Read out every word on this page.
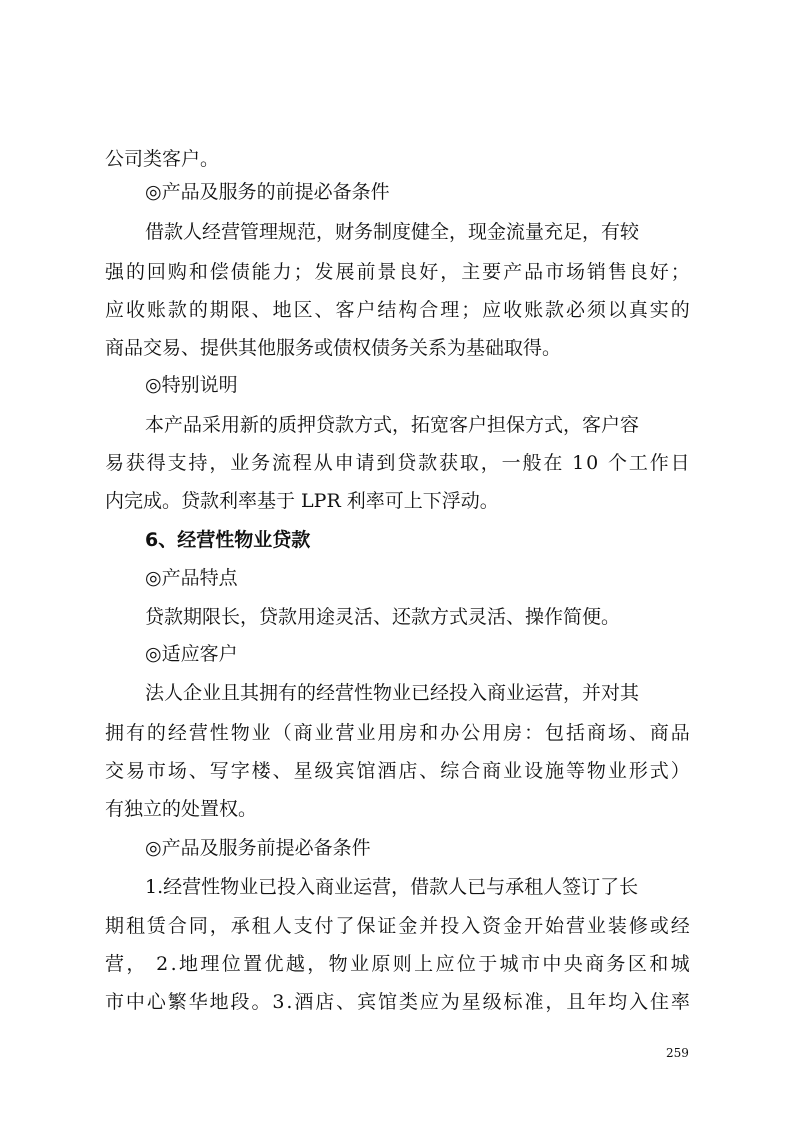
公司类客户。
◎产品及服务的前提必备条件
借款人经营管理规范，财务制度健全，现金流量充足，有较
强 的 回 购 和 偿 债 能 力 ； 发 展 前 景 良 好 ， 主 要 产 品 市 场 销 售 良 好 ；
应 收 账 款 的 期 限 、 地 区 、 客 户 结 构 合 理 ； 应 收 账 款 必 须 以 真 实 的
商品交易、提供其他服务或债权债务关系为基础取得。
◎特别说明
本产品采用新的质押贷款方式，拓宽客户担保方式，客户容
易 获 得 支 持 ， 业 务 流 程 从 申 请 到 贷 款 获 取 ， 一 般 在
1 0
个 工 作 日
内完成。贷款利率基于 LPR 利率可上下浮动。
6、经营性物业贷款
◎产品特点
贷款期限长，贷款用途灵活、还款方式灵活、操作简便。
◎适应客户
法人企业且其拥有的经营性物业已经投入商业运营，并对其
拥 有 的 经 营 性 物 业 （ 商 业 营 业 用 房 和 办 公 用 房 ： 包 括 商 场 、 商 品
交 易 市 场 、 写 字 楼 、 星 级 宾 馆 酒 店 、 综 合 商 业 设 施 等 物 业 形 式 ）
有独立的处置权。
◎产品及服务前提必备条件
1.经营性物业已投入商业运营，借款人已与承租人签订了长
期 租 赁 合 同 ， 承 租 人 支 付 了 保 证 金 并 投 入 资 金 开 始 营 业 装 修 或 经
营 ，
2 . 地 理 位 置 优 越 ， 物 业 原 则 上 应 位 于 城 市 中 央 商 务 区 和 城
市 中 心 繁 华 地 段 。 3 . 酒 店 、 宾 馆 类 应 为 星 级 标 准 ， 且 年 均 入 住 率
259
